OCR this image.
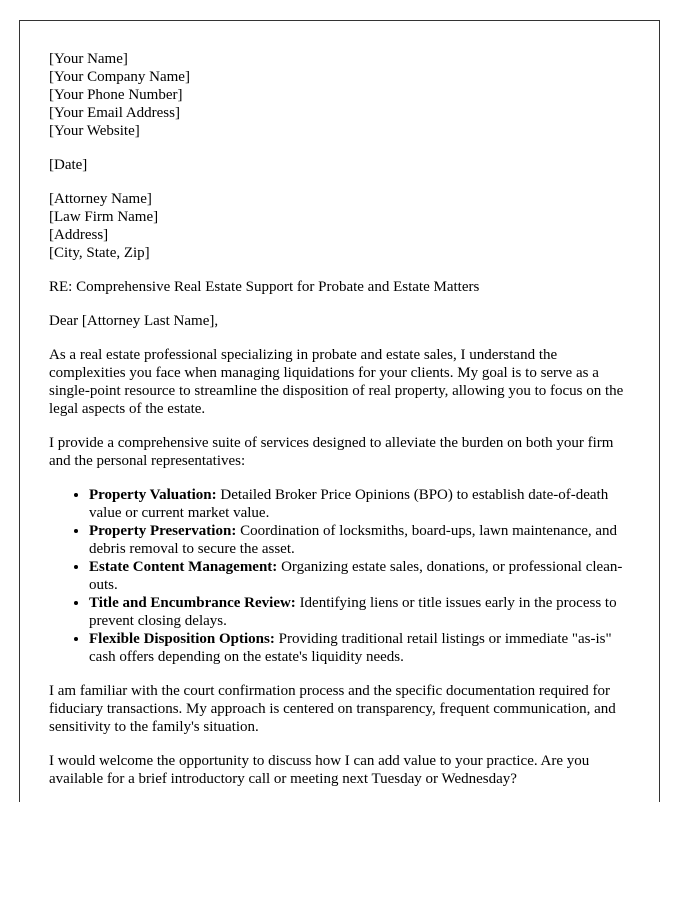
[Your Name]
[Your Company Name]
[Your Phone Number]
[Your Email Address]
[Your Website]
[Date]
[Attorney Name]
[Law Firm Name]
[Address]
[City, State, Zip]

RE: Comprehensive Real Estate Support for Probate and Estate Matters

Dear [Attorney Last Name],

As a real estate professional specializing in probate and estate sales, I understand the complexities you face when managing liquidations for your clients. My goal is to serve as a single-point resource to streamline the disposition of real property, allowing you to focus on the legal aspects of the estate.

I provide a comprehensive suite of services designed to alleviate the burden on both your firm and the personal representatives:

• Property Valuation: Detailed Broker Price Opinions (BPO) to establish date-of-death value or current market value.
• Property Preservation: Coordination of locksmiths, board-ups, lawn maintenance, and debris removal to secure the asset.
• Estate Content Management: Organizing estate sales, donations, or professional clean-outs.
• Title and Encumbrance Review: Identifying liens or title issues early in the process to prevent closing delays.
• Flexible Disposition Options: Providing traditional retail listings or immediate "as-is" cash offers depending on the estate's liquidity needs.

I am familiar with the court confirmation process and the specific documentation required for fiduciary transactions. My approach is centered on transparency, frequent communication, and sensitivity to the family's situation.

I would welcome the opportunity to discuss how I can add value to your practice. Are you available for a brief introductory call or meeting next Tuesday or Wednesday?
